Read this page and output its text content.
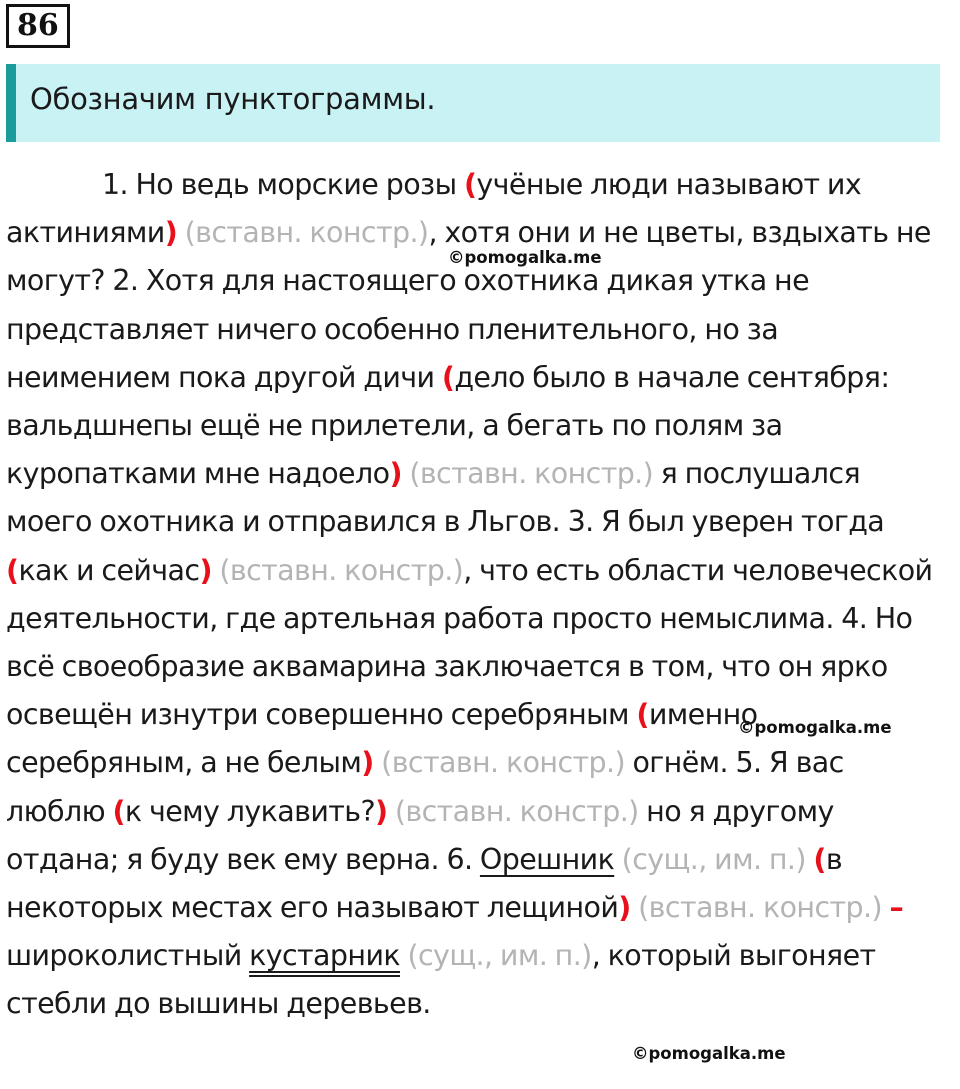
86
Обозначим пунктограммы.
1. Но ведь морские розы (учёные люди называют их актиниями) (вставн. констр.), хотя они и не цветы, вздыхать не могут? 2. Хотя для настоящего охотника дикая утка не представляет ничего особенно пленительного, но за неимением пока другой дичи (дело было в начале сентября: вальдшнепы ещё не прилетели, а бегать по полям за куропатками мне надоело) (вставн. констр.) я послушался моего охотника и отправился в Льгов. 3. Я был уверен тогда (как и сейчас) (вставн. констр.), что есть области человеческой деятельности, где артельная работа просто немыслима. 4. Но всё своеобразие аквамарина заключается в том, что он ярко освещён изнутри совершенно серебряным (именно серебряным, а не белым) (вставн. констр.) огнём. 5. Я вас люблю (к чему лукавить?) (вставн. констр.) но я другому отдана; я буду век ему верна. 6. Орешник (сущ., им. п.) (в некоторых местах его называют лещиной) (вставн. констр.) – широколистный кустарник (сущ., им. п.), который выгоняет стебли до вышины деревьев.
©pomogalka.me
©pomogalka.me
©pomogalka.me
